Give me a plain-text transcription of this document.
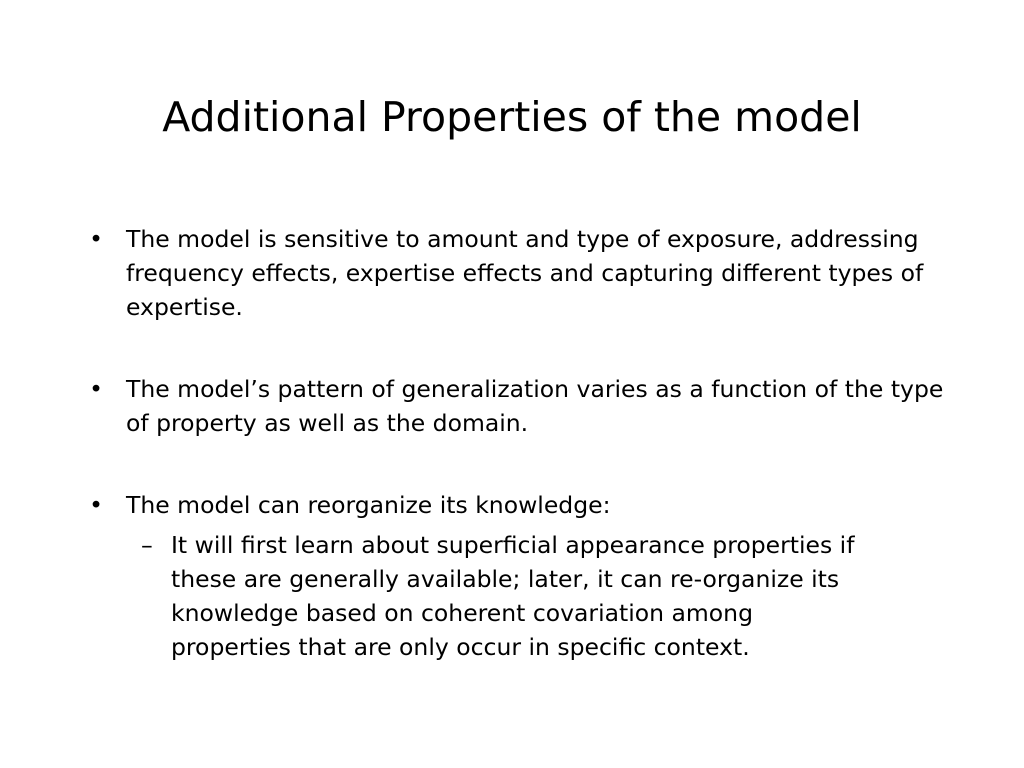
Additional Properties of the model
• The model is sensitive to amount and type of exposure, addressing frequency effects, expertise effects and capturing different types of expertise.
• The model’s pattern of generalization varies as a function of the type of property as well as the domain.
• The model can reorganize its knowledge:
– It will first learn about superficial appearance properties if these are generally available; later, it can re-organize its knowledge based on coherent covariation among properties that are only occur in specific context.
